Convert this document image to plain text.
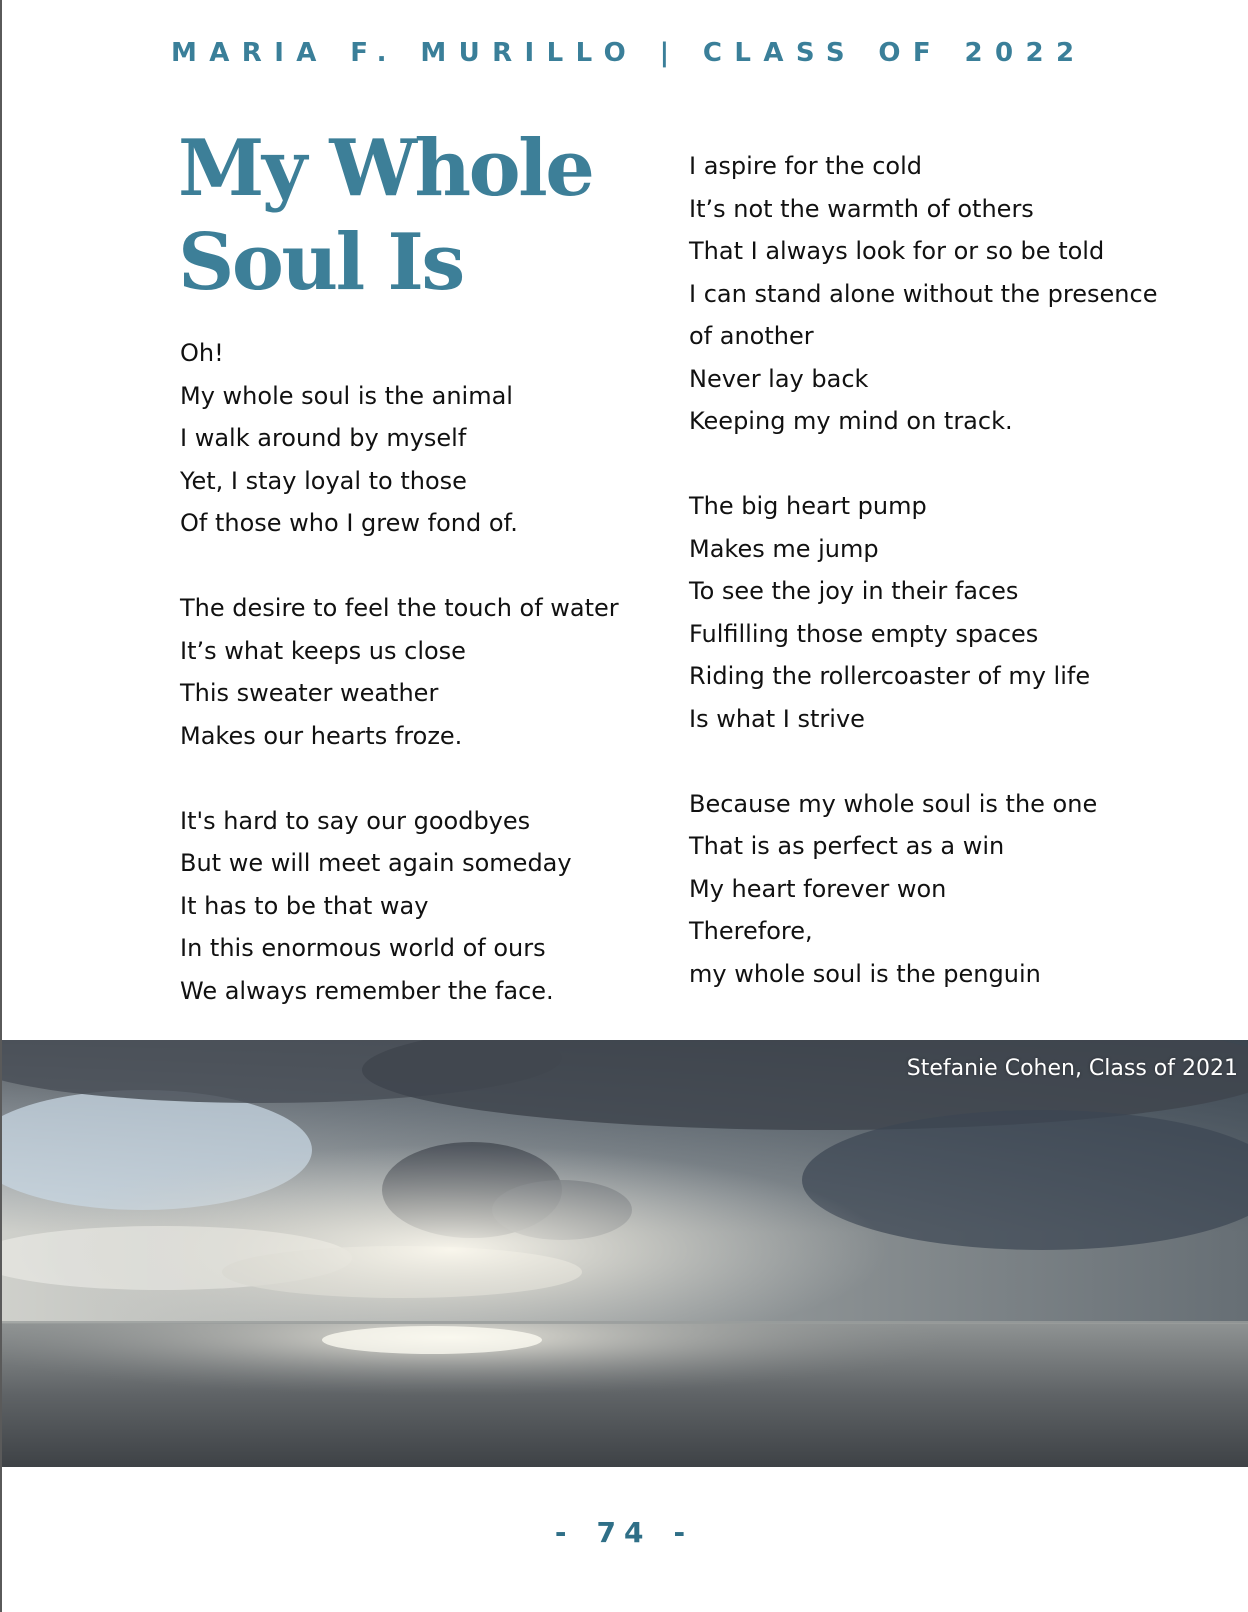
MARIA F. MURILLO | CLASS OF 2022
My Whole
Soul Is

Oh!
My whole soul is the animal
I walk around by myself
Yet, I stay loyal to those
Of those who I grew fond of.

The desire to feel the touch of water
It’s what keeps us close
This sweater weather
Makes our hearts froze.

It's hard to say our goodbyes
But we will meet again someday
It has to be that way
In this enormous world of ours
We always remember the face.

I aspire for the cold
It’s not the warmth of others
That I always look for or so be told
I can stand alone without the presence
of another
Never lay back
Keeping my mind on track.

The big heart pump
Makes me jump
To see the joy in their faces
Fulfilling those empty spaces
Riding the rollercoaster of my life
Is what I strive

Because my whole soul is the one
That is as perfect as a win
My heart forever won
Therefore,
my whole soul is the penguin

Stefanie Cohen, Class of 2021
- 74 -
